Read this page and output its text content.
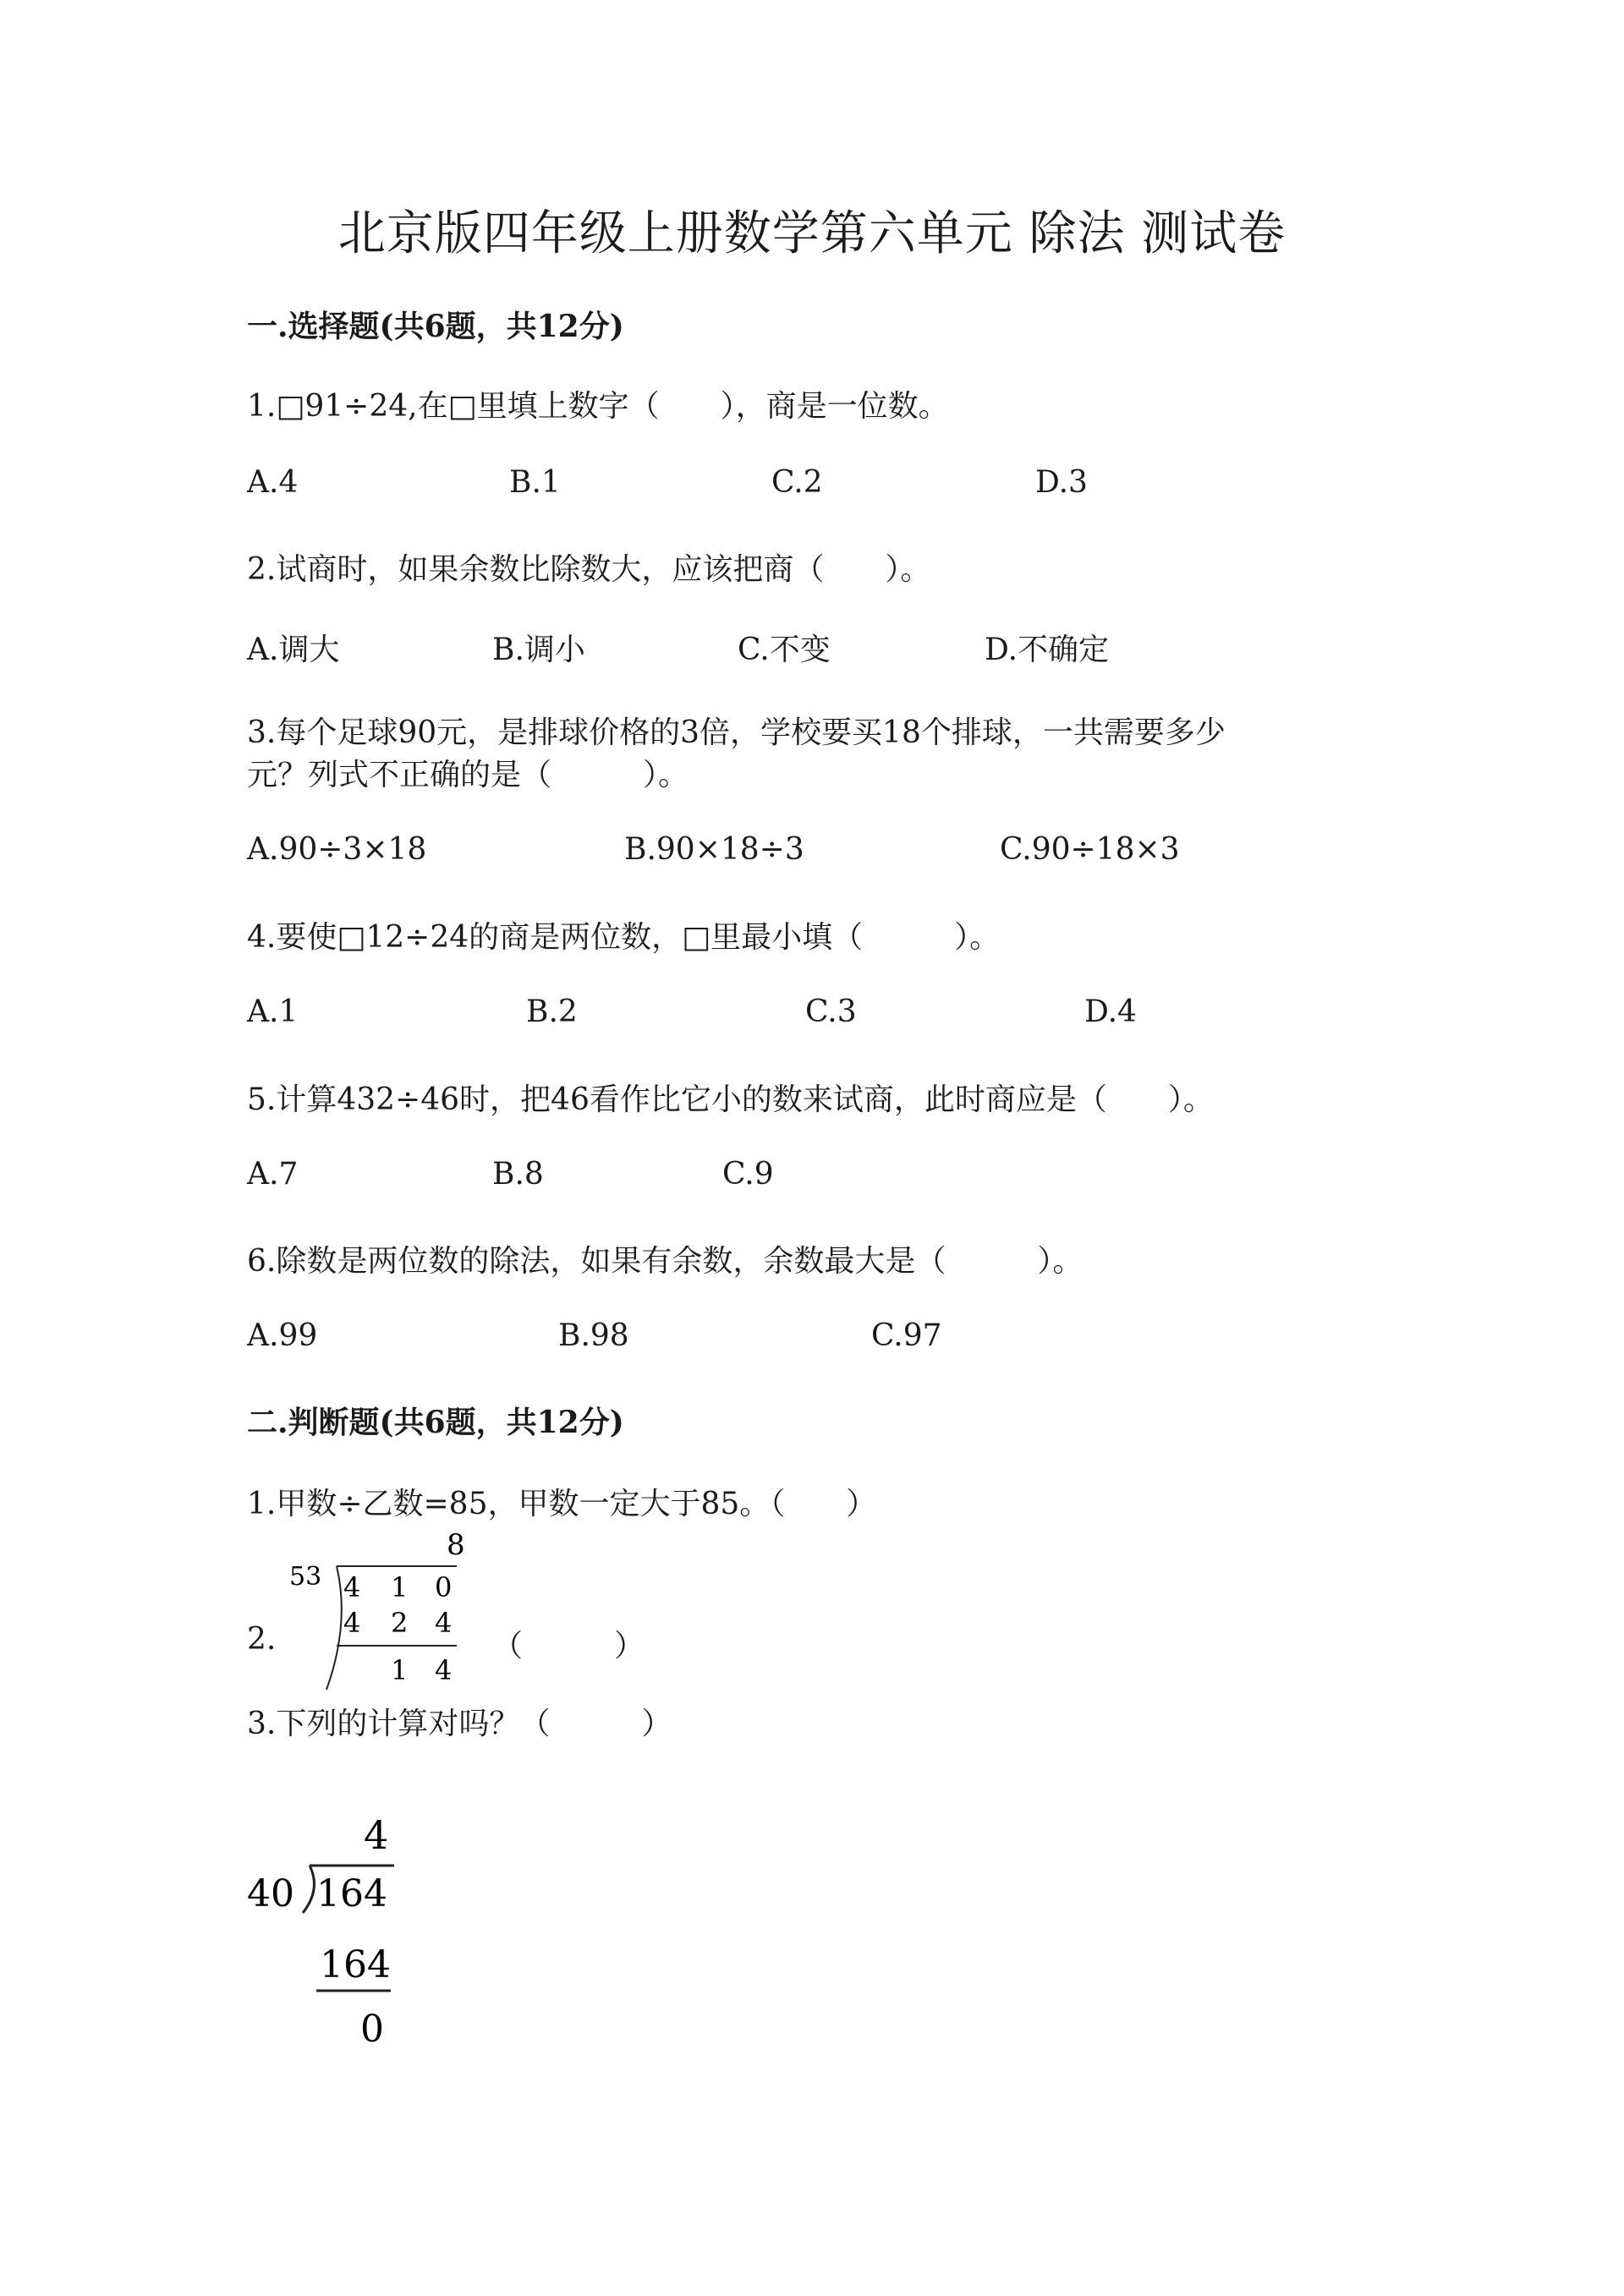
北京版四年级上册数学第六单元 除法 测试卷
一.选择题(共6题，共12分)
1.□91÷24,在□里填上数字（　　），商是一位数。
A.4	B.1	C.2	D.3
2.试商时，如果余数比除数大，应该把商（　　）。
A.调大	B.调小	C.不变	D.不确定
3.每个足球90元，是排球价格的3倍，学校要买18个排球，一共需要多少
元？列式不正确的是（　　　）。
A.90÷3×18	B.90×18÷3	C.90÷18×3
4.要使□12÷24的商是两位数，□里最小填（　　　）。
A.1	B.2	C.3	D.4
5.计算432÷46时，把46看作比它小的数来试商，此时商应是（　　）。
A.7	B.8	C.9
6.除数是两位数的除法，如果有余数，余数最大是（　　　）。
A.99	B.98	C.97
二.判断题(共6题，共12分)
1.甲数÷乙数=85，甲数一定大于85。（　　）
2.
8
53 4 1 0
4 2 4
1 4
（　　　）
3.下列的计算对吗？（　　　）
4
40 164
164
0
